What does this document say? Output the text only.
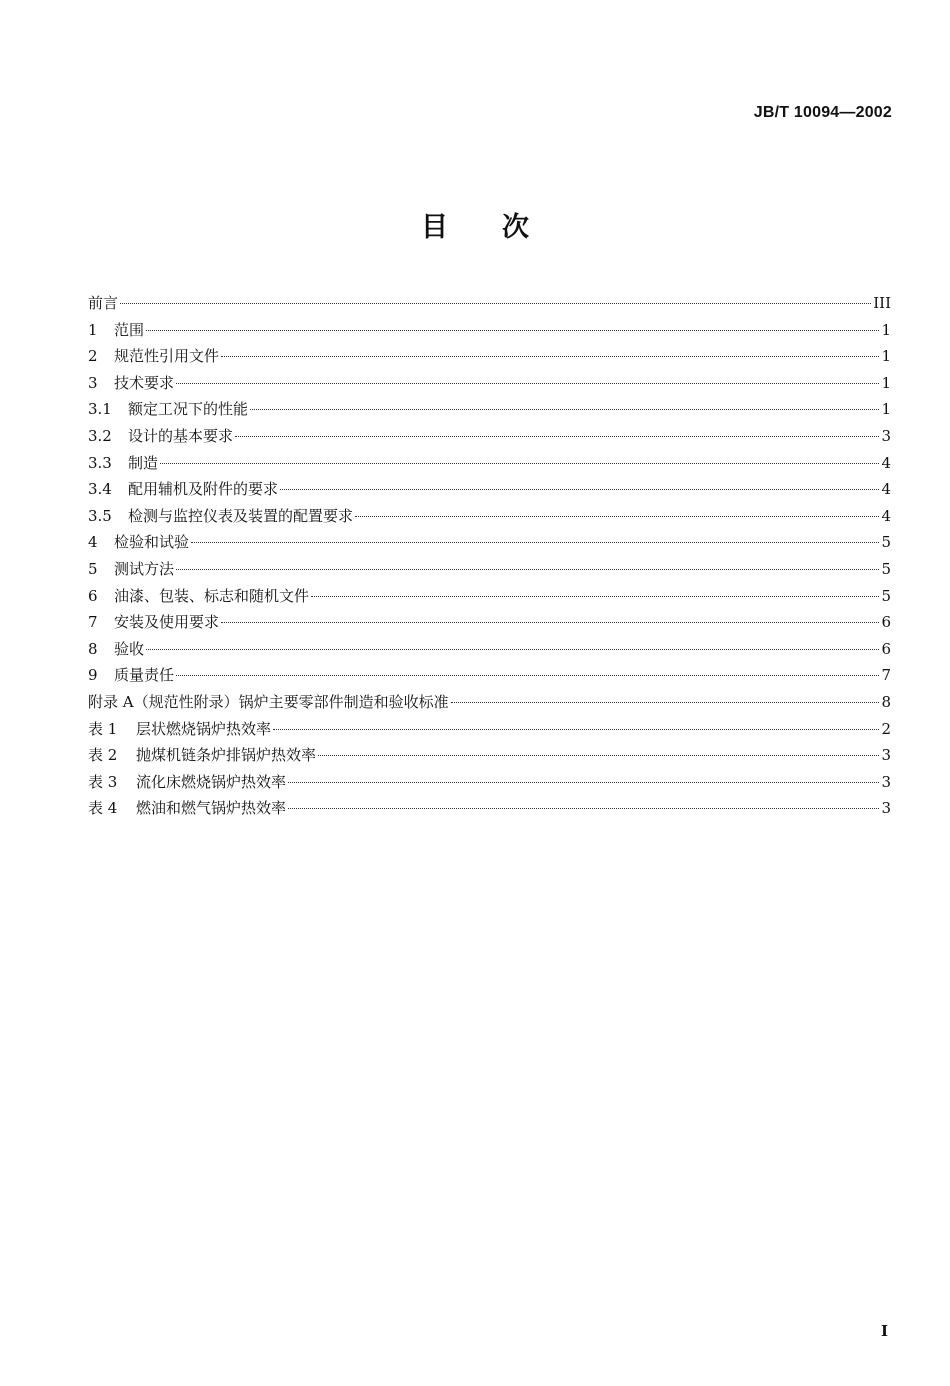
JB/T 10094—2002
目次
前言	III
1	范围	1
2	规范性引用文件	1
3	技术要求	1
3.1	额定工况下的性能	1
3.2	设计的基本要求	3
3.3	制造	4
3.4	配用辅机及附件的要求	4
3.5	检测与监控仪表及装置的配置要求	4
4	检验和试验	5
5	测试方法	5
6	油漆、包装、标志和随机文件	5
7	安装及使用要求	6
8	验收	6
9	质量责任	7
附录 A（规范性附录）锅炉主要零部件制造和验收标准	8
表 1	层状燃烧锅炉热效率	2
表 2	抛煤机链条炉排锅炉热效率	3
表 3	流化床燃烧锅炉热效率	3
表 4	燃油和燃气锅炉热效率	3
I
